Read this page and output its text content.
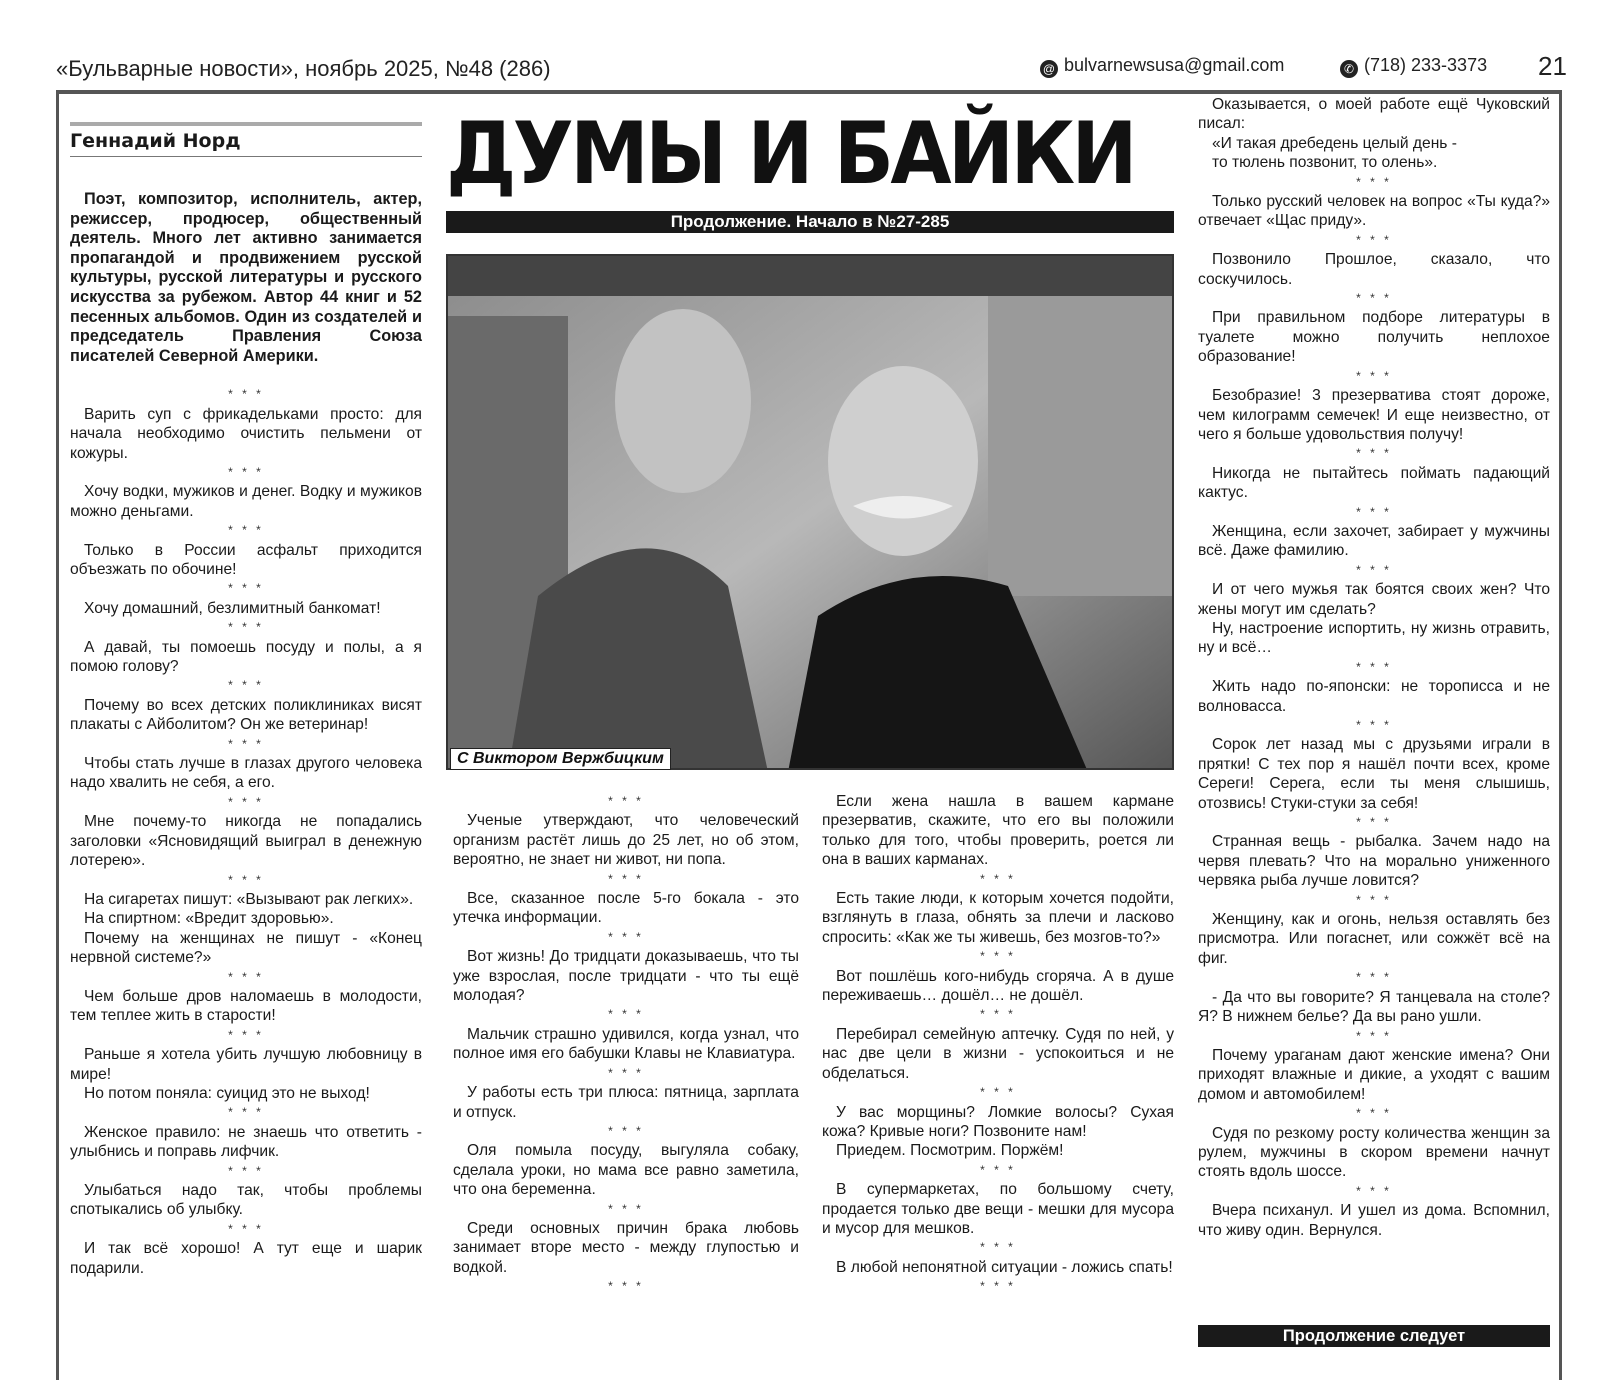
«Бульварные новости», ноябрь 2025, №48 (286)	@ bulvarnewsusa@gmail.com	✆ (718) 233-3373 21
Геннадий Норд	ДУМЫ И БАЙКИ
Продолжение. Начало в №27-285
С Виктором Вержбицким

Поэт, композитор, исполнитель, актер, режиссер, продюсер, общественный деятель. Много лет активно занимается пропагандой и продвижением русской культуры, русской литературы и русского искусства за рубежом. Автор 44 книг и 52 песенных альбомов. Один из создателей и председатель Правления Союза писателей Северной Америки.

* * *

Варить суп с фрикадельками просто: для начала необходимо очистить пельмени от кожуры.

* * *

Хочу водки, мужиков и денег. Водку и мужиков можно деньгами.

* * *

Только в России асфальт приходится объезжать по обочине!

* * *

Хочу домашний, безлимитный банкомат!

* * *

А давай, ты помоешь посуду и полы, а я помою голову?

* * *

Почему во всех детских поликлиниках висят плакаты с Айболитом? Он же ветеринар!

* * *

Чтобы стать лучше в глазах другого человека надо хвалить не себя, а его.

* * *

Мне почему-то никогда не попадались заголовки «Ясновидящий выиграл в денежную лотерею».

* * *

На сигаретах пишут: «Вызывают рак легких».

На спиртном: «Вредит здоровью».

Почему на женщинах не пишут - «Конец нервной системе?»

* * *

Чем больше дров наломаешь в молодости, тем теплее жить в старости!

* * *

Раньше я хотела убить лучшую любовницу в мире!

Но потом поняла: суицид это не выход!

* * *

Женское правило: не знаешь что ответить - улыбнись и поправь лифчик.

* * *

Улыбаться надо так, чтобы проблемы спотыкались об улыбку.

* * *

И так всё хорошо! А тут еще и шарик подарили.

* * *

Ученые утверждают, что человеческий организм растёт лишь до 25 лет, но об этом, вероятно, не знает ни живот, ни попа.

* * *

Все, сказанное после 5-го бокала - это утечка информации.

* * *

Вот жизнь! До тридцати доказываешь, что ты уже взрослая, после тридцати - что ты ещё молодая?

* * *

Мальчик страшно удивился, когда узнал, что полное имя его бабушки Клавы не Клавиатура.

* * *

У работы есть три плюса: пятница, зарплата и отпуск.

* * *

Оля помыла посуду, выгуляла собаку, сделала уроки, но мама все равно заметила, что она беременна.

* * *

Среди основных причин брака любовь занимает вторе место - между глупостью и водкой.

* * *

Если жена нашла в вашем кармане презерватив, скажите, что его вы положили только для того, чтобы проверить, роется ли она в ваших карманах.

* * *

Есть такие люди, к которым хочется подойти, взглянуть в глаза, обнять за плечи и ласково спросить: «Как же ты живешь, без мозгов-то?»

* * *

Вот пошлёшь кого-нибудь сгоряча. А в душе переживаешь… дошёл… не дошёл.

* * *

Перебирал семейную аптечку. Судя по ней, у нас две цели в жизни - успокоиться и не обделаться.

* * *

У вас морщины? Ломкие волосы? Сухая кожа? Кривые ноги? Позвоните нам!

Приедем. Посмотрим. Поржём!

* * *

В супермаркетах, по большому счету, продается только две вещи - мешки для мусора и мусор для мешков.

* * *

В любой непонятной ситуации - ложись спать!

* * *

Оказывается, о моей работе ещё Чуковский писал:

«И такая дребедень целый день -

то тюлень позвонит, то олень».

* * *

Только русский человек на вопрос «Ты куда?» отвечает «Щас приду».

* * *

Позвонило Прошлое, сказало, что соскучилось.

* * *

При правильном подборе литературы в туалете можно получить неплохое образование!

* * *

Безобразие! 3 презерватива стоят дороже, чем килограмм семечек! И еще неизвестно, от чего я больше удовольствия получу!

* * *

Никогда не пытайтесь поймать падающий кактус.

* * *

Женщина, если захочет, забирает у мужчины всё. Даже фамилию.

* * *

И от чего мужья так боятся своих жен? Что жены могут им сделать?

Ну, настроение испортить, ну жизнь отравить, ну и всё…

* * *

Жить надо по-японски: не торописса и не волновасса.

* * *

Сорок лет назад мы с друзьями играли в прятки! С тех пор я нашёл почти всех, кроме Сереги! Серега, если ты меня слышишь, отозвись! Стуки-стуки за себя!

* * *

Странная вещь - рыбалка. Зачем надо на червя плевать? Что на морально униженного червяка рыба лучше ловится?

* * *

Женщину, как и огонь, нельзя оставлять без присмотра. Или погаснет, или сожжёт всё на фиг.

* * *

- Да что вы говорите? Я танцевала на столе? Я? В нижнем белье? Да вы рано ушли.

* * *

Почему ураганам дают женские имена? Они приходят влажные и дикие, а уходят с вашим домом и автомобилем!

* * *

Судя по резкому росту количества женщин за рулем, мужчины в скором времени начнут стоять вдоль шоссе.

* * *

Вчера психанул. И ушел из дома. Вспомнил, что живу один. Вернулся.

Продолжение следует
